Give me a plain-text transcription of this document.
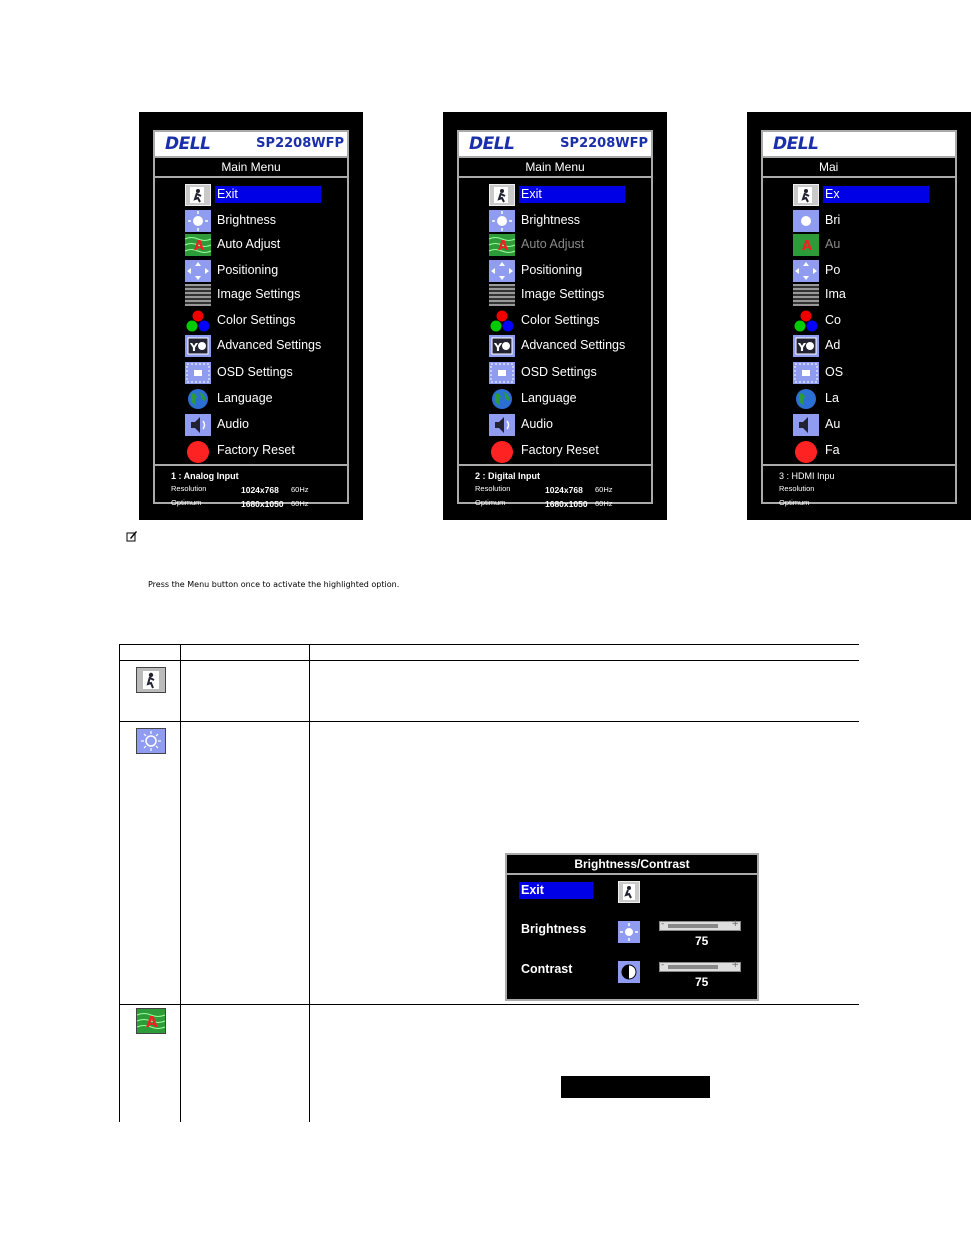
DELL	SP2208WFP
Main Menu
Exit
Brightness
A Auto Adjust
Positioning
Image Settings
Color Settings
Y Advanced Settings
OSD Settings
Language
Audio
Factory Reset
1 : Analog Input
Resolution	1024x768 60Hz
Optimum	1680x1050 60Hz
DELL	SP2208WFP
Main Menu
Exit
Brightness
A Auto Adjust
Positioning
Image Settings
Color Settings
Y Advanced Settings
OSD Settings
Language
Audio
Factory Reset
2 : Digital Input
Resolution	1024x768 60Hz
Optimum	1680x1050 60Hz
DELL
Mai
Ex
Bri
A Au
Po
Ima
Co
Y Ad
OS
La
Au
Fa
3 : HDMI Inpu
Resolution
Optimum
Press the Menu button once to activate the highlighted option.
A
Brightness/Contrast
Exit
Brightness	-	+
75
Contrast	-	+
75
